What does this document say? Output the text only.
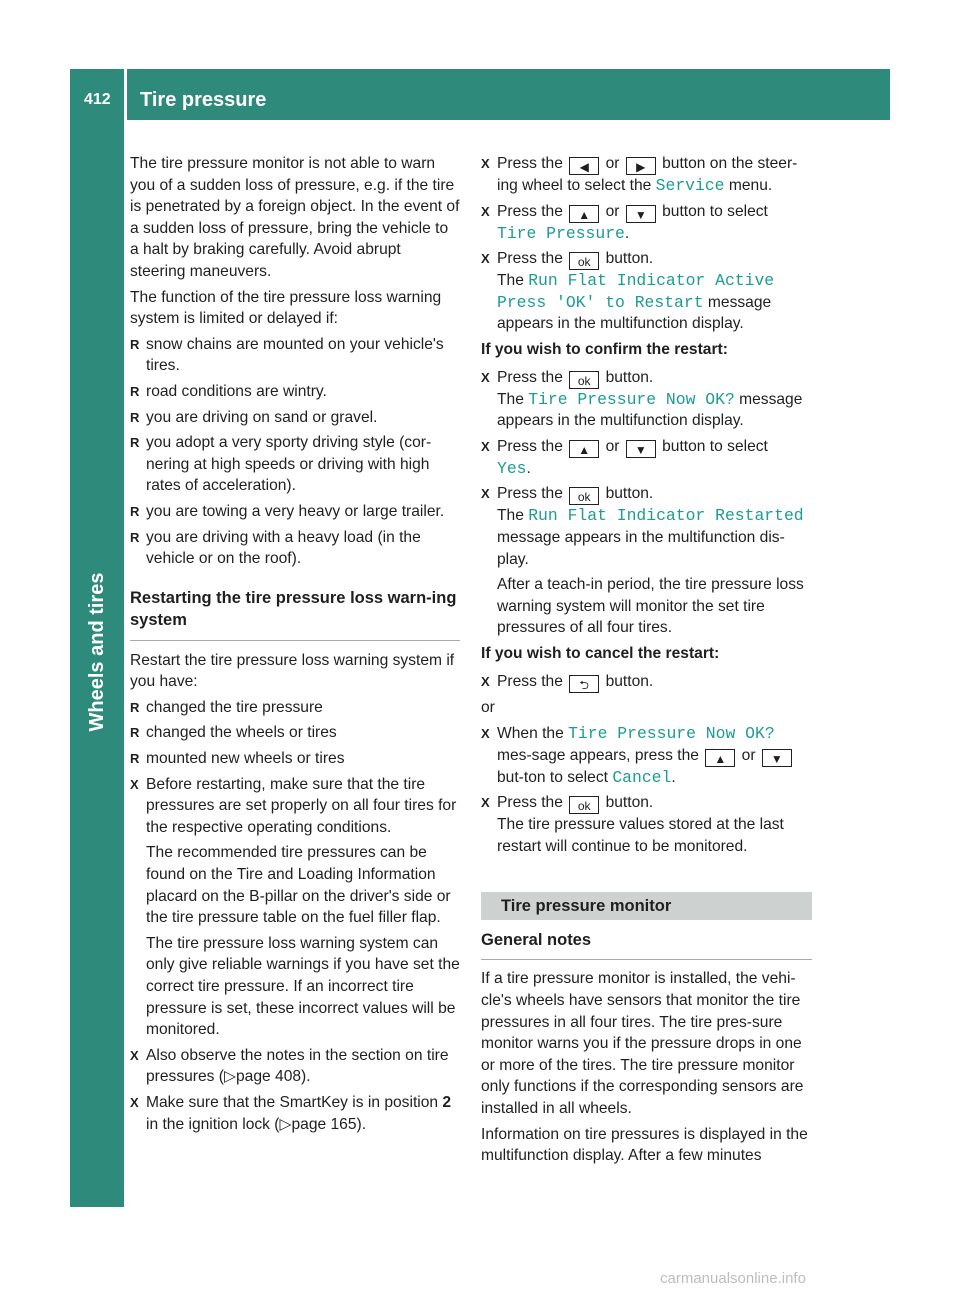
412 Tire pressure
Wheels and tires

The tire pressure monitor is not able to warn you of a sudden loss of pressure, e.g. if the tire is penetrated by a foreign object. In the event of a sudden loss of pressure, bring the vehicle to a halt by braking carefully. Avoid abrupt steering maneuvers.

The function of the tire pressure loss warning system is limited or delayed if:

R snow chains are mounted on your vehicle's tires.
R road conditions are wintry.
R you are driving on sand or gravel.
R you adopt a very sporty driving style (cor-nering at high speeds or driving with high rates of acceleration).
R you are towing a very heavy or large trailer.
R you are driving with a heavy load (in the vehicle or on the roof).
Restarting the tire pressure loss warn-ing system

Restart the tire pressure loss warning system if you have:

R changed the tire pressure
R changed the wheels or tires
R mounted new wheels or tires
X Before restarting, make sure that the tire pressures are set properly on all four tires for the respective operating conditions.
The recommended tire pressures can be found on the Tire and Loading Information placard on the B-pillar on the driver's side or the tire pressure table on the fuel filler flap.
The tire pressure loss warning system can only give reliable warnings if you have set the correct tire pressure. If an incorrect tire pressure is set, these incorrect values will be monitored.
X Also observe the notes in the section on tire pressures (▷page 408).
X Make sure that the SmartKey is in position 2 in the ignition lock (▷page 165).
X Press the ◀ or ▶ button on the steer-ing wheel to select the Service menu.
X Press the ▲ or ▼ button to select
Tire Pressure.
X Press the ok button.
The Run Flat Indicator Active
Press 'OK' to Restart message
appears in the multifunction display.
If you wish to confirm the restart:
X Press the ok button.
The Tire Pressure Now OK? message
appears in the multifunction display.
X Press the ▲ or ▼ button to select
Yes.
X Press the ok button.
The Run Flat Indicator Restarted
message appears in the multifunction dis-play.
After a teach-in period, the tire pressure loss warning system will monitor the set tire pressures of all four tires.
If you wish to cancel the restart:
X Press the ⮌ button.
or
X When the Tire Pressure Now OK? mes-sage appears, press the ▲ or ▼ but-ton to select Cancel.
X Press the ok button.
The tire pressure values stored at the last restart will continue to be monitored.
Tire pressure monitor
General notes

If a tire pressure monitor is installed, the vehi-cle's wheels have sensors that monitor the tire pressures in all four tires. The tire pres-sure monitor warns you if the pressure drops in one or more of the tires. The tire pressure monitor only functions if the corresponding sensors are installed in all wheels.

Information on tire pressures is displayed in the multifunction display. After a few minutes

carmanualsonline.info
